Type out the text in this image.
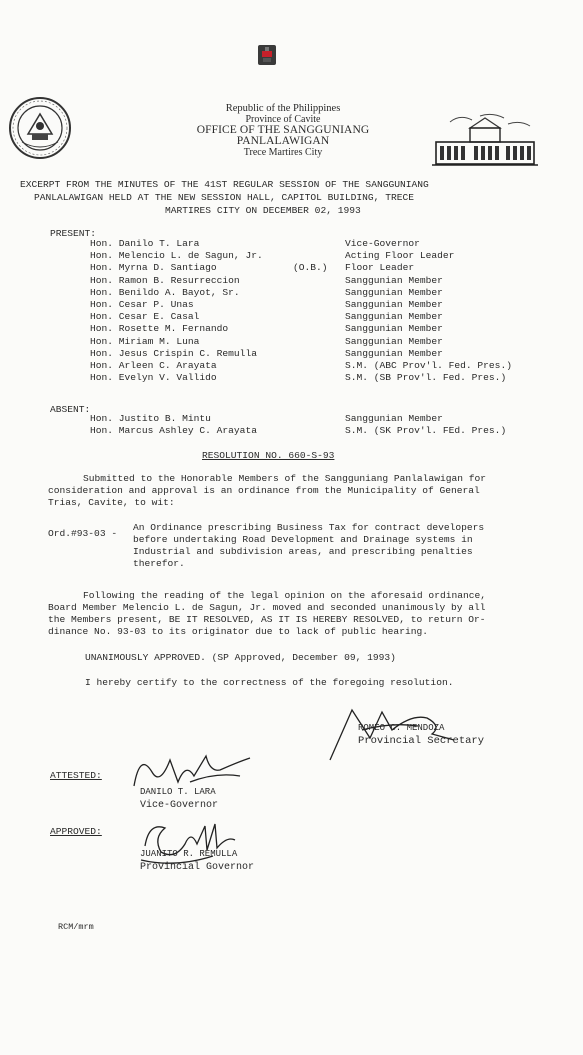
Republic of the Philippines
Province of Cavite
OFFICE OF THE SANGGUNIANG PANLALAWIGAN
Trece Martires City
EXCERPT FROM THE MINUTES OF THE 41ST REGULAR SESSION OF THE SANGGUNIANG
PANLALAWIGAN HELD AT THE NEW SESSION HALL, CAPITOL BUILDING, TRECE
MARTIRES CITY ON DECEMBER 02, 1993
PRESENT:
Hon. Danilo T. Lara	Vice-Governor
Hon. Melencio L. de Sagun, Jr.	Acting Floor Leader
Hon. Myrna D. Santiago	(O.B.)	Floor Leader
Hon. Ramon B. Resurreccion	Sanggunian Member
Hon. Benildo A. Bayot, Sr.	Sanggunian Member
Hon. Cesar P. Unas	Sanggunian Member
Hon. Cesar E. Casal	Sanggunian Member
Hon. Rosette M. Fernando	Sanggunian Member
Hon. Miriam M. Luna	Sanggunian Member
Hon. Jesus Crispin C. Remulla	Sanggunian Member
Hon. Arleen C. Arayata	S.M. (ABC Prov'l. Fed. Pres.)
Hon. Evelyn V. Vallido	S.M. (SB Prov'l. Fed. Pres.)
ABSENT:
Hon. Justito B. Mintu	Sanggunian Member
Hon. Marcus Ashley C. Arayata	S.M. (SK Prov'l. FEd. Pres.)
RESOLUTION NO. 660-S-93
Submitted to the Honorable Members of the Sangguniang Panlalawigan for
consideration and approval is an ordinance from the Municipality of General
Trias, Cavite, to wit:
Ord.#93-03 -
An Ordinance prescribing Business Tax for contract developers
before undertaking Road Development and Drainage systems in
Industrial and subdivision areas, and prescribing penalties
therefor.
Following the reading of the legal opinion on the aforesaid ordinance,
Board Member Melencio L. de Sagun, Jr. moved and seconded unanimously by all
the Members present, BE IT RESOLVED, AS IT IS HEREBY RESOLVED, to return Or-
dinance No. 93-03 to its originator due to lack of public hearing.
UNANIMOUSLY APPROVED. (SP Approved, December 09, 1993)
I hereby certify to the correctness of the foregoing resolution.
ROMEO C. MENDOZA
Provincial Secretary
ATTESTED:
DANILO T. LARA
Vice-Governor
APPROVED:
JUANITO R. REMULLA
Provincial Governor
RCM/mrm
